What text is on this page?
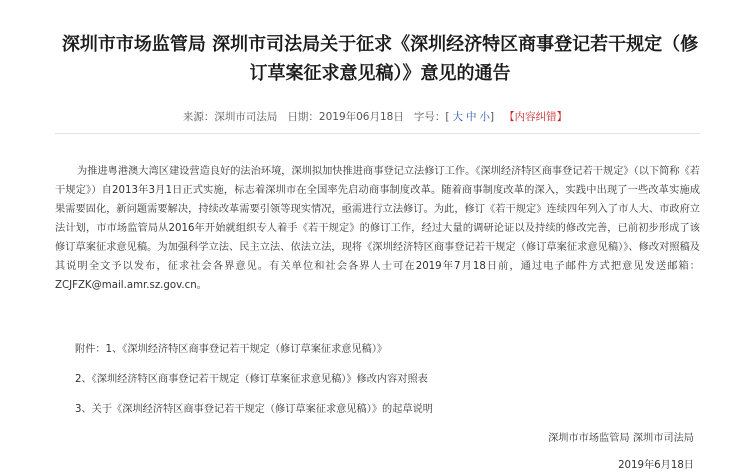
深圳市市场监管局 深圳市司法局关于征求《深圳经济特区商事登记若干规定（修订草案征求意见稿）》意见的通告
来源：深圳市司法局 日期：2019年06月18日 字号：[ 大 中 小] 【内容纠错】

为推进粤港澳大湾区建设营造良好的法治环境，深圳拟加快推进商事登记立法修订工作。《深圳经济特区商事登记若干规定》（以下简称《若干规定》）自2013年3月1日正式实施，标志着深圳市在全国率先启动商事制度改革。随着商事制度改革的深入，实践中出现了一些改革实施成果需要固化，新问题需要解决，持续改革需要引领等现实情况，亟需进行立法修订。为此，修订《若干规定》连续四年列入了市人大、市政府立法计划，市市场监管局从2016年开始就组织专人着手《若干规定》的修订工作，经过大量的调研论证以及持续的修改完善，已前初步形成了该修订草案征求意见稿。为加强科学立法、民主立法、依法立法，现将《深圳经济特区商事登记若干规定（修订草案征求意见稿）》、修改对照稿及其说明全文予以发布，征求社会各界意见。有关单位和社会各界人士可在2019年7月18日前，通过电子邮件方式把意见发送邮箱：ZCJFZK@mail.amr.sz.gov.cn。

附件：1、《深圳经济特区商事登记若干规定（修订草案征求意见稿）》
2、《深圳经济特区商事登记若干规定（修订草案征求意见稿）》修改内容对照表
3、关于《深圳经济特区商事登记若干规定（修订草案征求意见稿）》的起草说明
深圳市市场监管局 深圳市司法局
2019年6月18日
